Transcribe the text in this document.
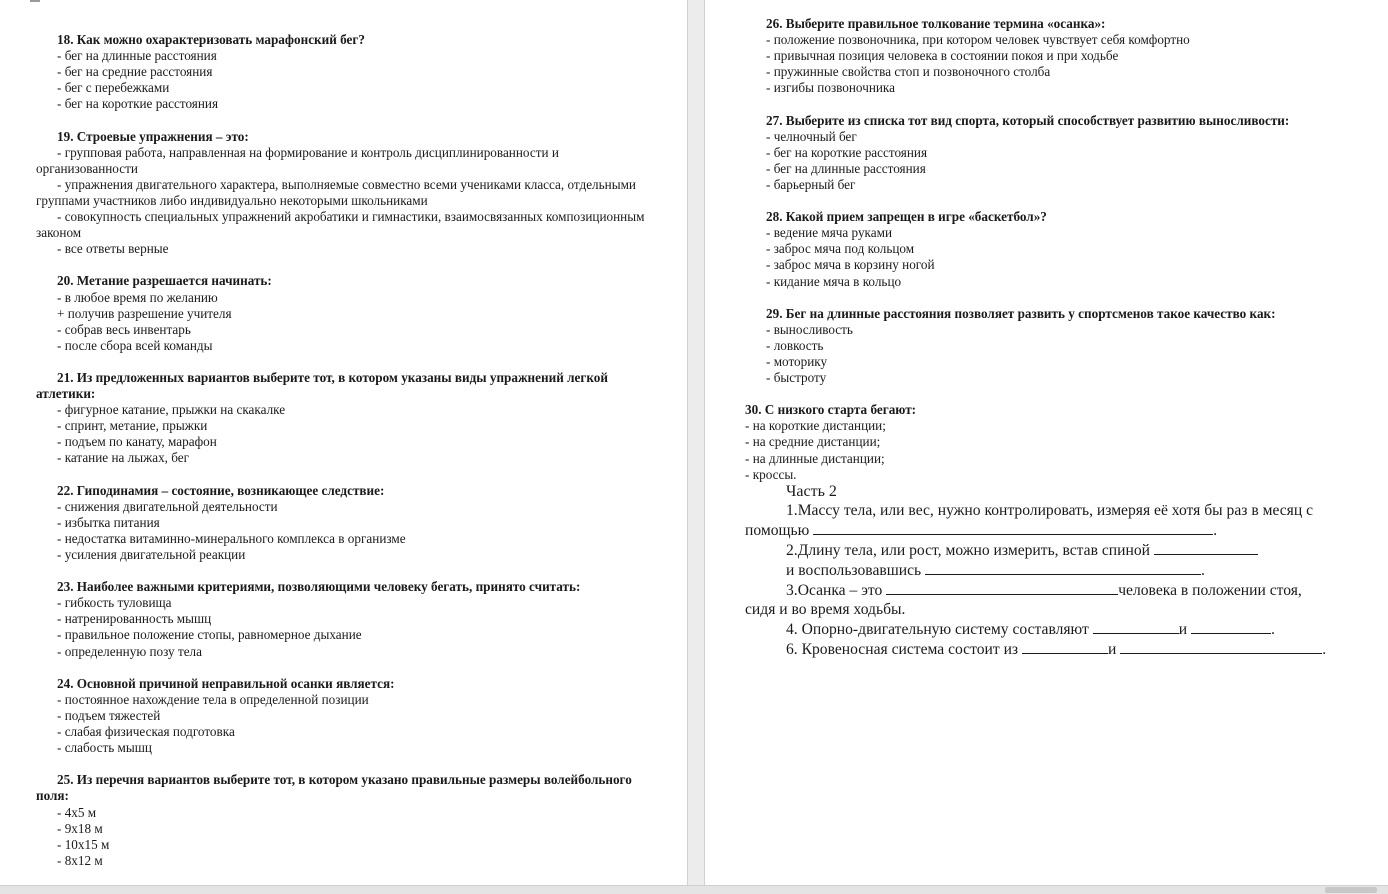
18. Как можно охарактеризовать марафонский бег?
- бег на длинные расстояния
- бег на средние расстояния
- бег с перебежками
- бег на короткие расстояния
19. Строевые упражнения – это:
- групповая работа, направленная на формирование и контроль дисциплинированности и организованности
- упражнения двигательного характера, выполняемые совместно всеми учениками класса, отдельными группами участников либо индивидуально некоторыми школьниками
- совокупность специальных упражнений акробатики и гимнастики, взаимосвязанных композиционным законом
- все ответы верные
20. Метание разрешается начинать:
- в любое время по желанию
+ получив разрешение учителя
- собрав весь инвентарь
- после сбора всей команды
21. Из предложенных вариантов выберите тот, в котором указаны виды упражнений легкой атлетики:
- фигурное катание, прыжки на скакалке
- спринт, метание, прыжки
- подъем по канату, марафон
- катание на лыжах, бег
22. Гиподинамия – состояние, возникающее следствие:
- снижения двигательной деятельности
- избытка питания
- недостатка витаминно-минерального комплекса в организме
- усиления двигательной реакции
23. Наиболее важными критериями, позволяющими человеку бегать, принято считать:
- гибкость туловища
- натренированность мышц
- правильное положение стопы, равномерное дыхание
- определенную позу тела
24. Основной причиной неправильной осанки является:
- постоянное нахождение тела в определенной позиции
- подъем тяжестей
- слабая физическая подготовка
- слабость мышц
25. Из перечня вариантов выберите тот, в котором указано правильные размеры волейбольного поля:
- 4х5 м
- 9х18 м
- 10х15 м
- 8х12 м
26. Выберите правильное толкование термина «осанка»:
- положение позвоночника, при котором человек чувствует себя комфортно
- привычная позиция человека в состоянии покоя и при ходьбе
- пружинные свойства стоп и позвоночного столба
- изгибы позвоночника
27. Выберите из списка тот вид спорта, который способствует развитию выносливости:
- челночный бег
- бег на короткие расстояния
- бег на длинные расстояния
- барьерный бег
28. Какой прием запрещен в игре «баскетбол»?
- ведение мяча руками
- заброс мяча под кольцом
- заброс мяча в корзину ногой
- кидание мяча в кольцо
29. Бег на длинные расстояния позволяет развить у спортсменов такое качество как:
- выносливость
- ловкость
- моторику
- быстроту
30. С низкого старта бегают:
- на короткие дистанции;
- на средние дистанции;
- на длинные дистанции;
- кроссы.
Часть 2
1.Массу тела, или вес, нужно контролировать, измеряя её хотя бы раз в месяц с
помощью	.
2.Длину тела, или рост, можно измерить, встав спиной
и воспользовавшись	.
3.Осанка – это	человека в положении стоя,
сидя и во время ходьбы.
4. Опорно-двигательную систему составляют	и	.
6. Кровеносная система состоит из	и	.
